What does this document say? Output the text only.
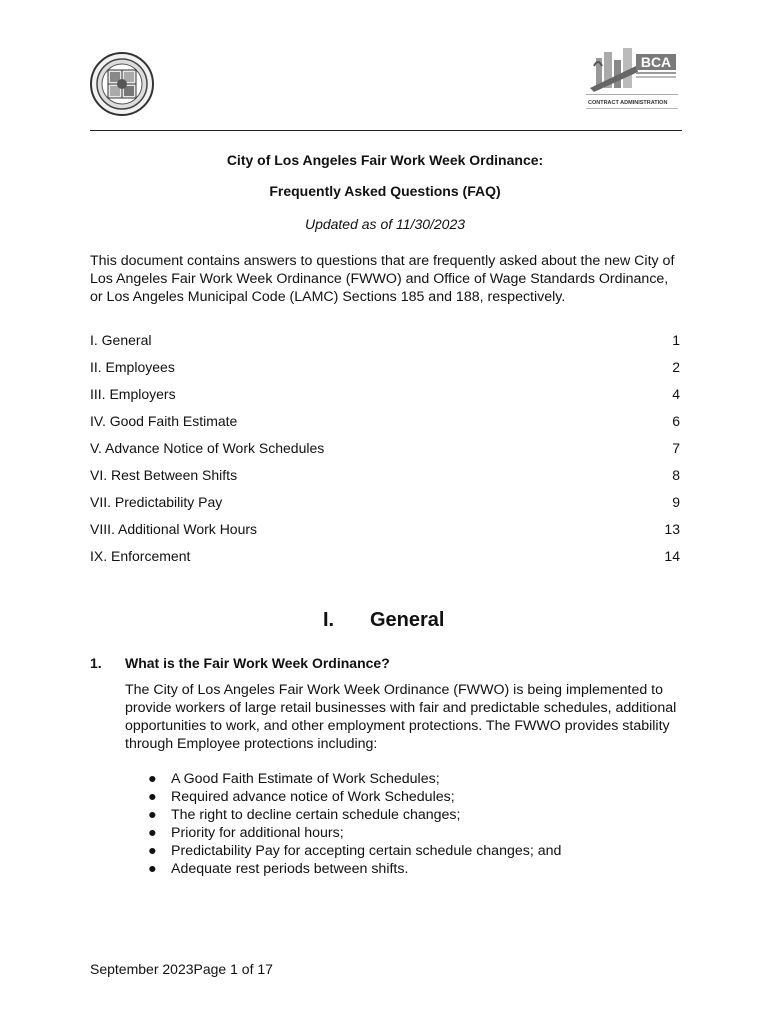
BCA
CONTRACT ADMINISTRATION
City of Los Angeles Fair Work Week Ordinance:
Frequently Asked Questions (FAQ)
Updated as of 11/30/2023
This document contains answers to questions that are frequently asked about the new City of Los Angeles Fair Work Week Ordinance (FWWO) and Office of Wage Standards Ordinance, or Los Angeles Municipal Code (LAMC) Sections 185 and 188, respectively.
I. General	1
II. Employees	2
III. Employers	4
IV. Good Faith Estimate	6
V. Advance Notice of Work Schedules	7
VI. Rest Between Shifts	8
VII. Predictability Pay	9
VIII. Additional Work Hours	13
IX. Enforcement	14
I. General
1. What is the Fair Work Week Ordinance?
The City of Los Angeles Fair Work Week Ordinance (FWWO) is being implemented to provide workers of large retail businesses with fair and predictable schedules, additional opportunities to work, and other employment protections. The FWWO provides stability through Employee protections including:
● A Good Faith Estimate of Work Schedules;
● Required advance notice of Work Schedules;
● The right to decline certain schedule changes;
● Priority for additional hours;
● Predictability Pay for accepting certain schedule changes; and
● Adequate rest periods between shifts.
September 2023Page 1 of 17
